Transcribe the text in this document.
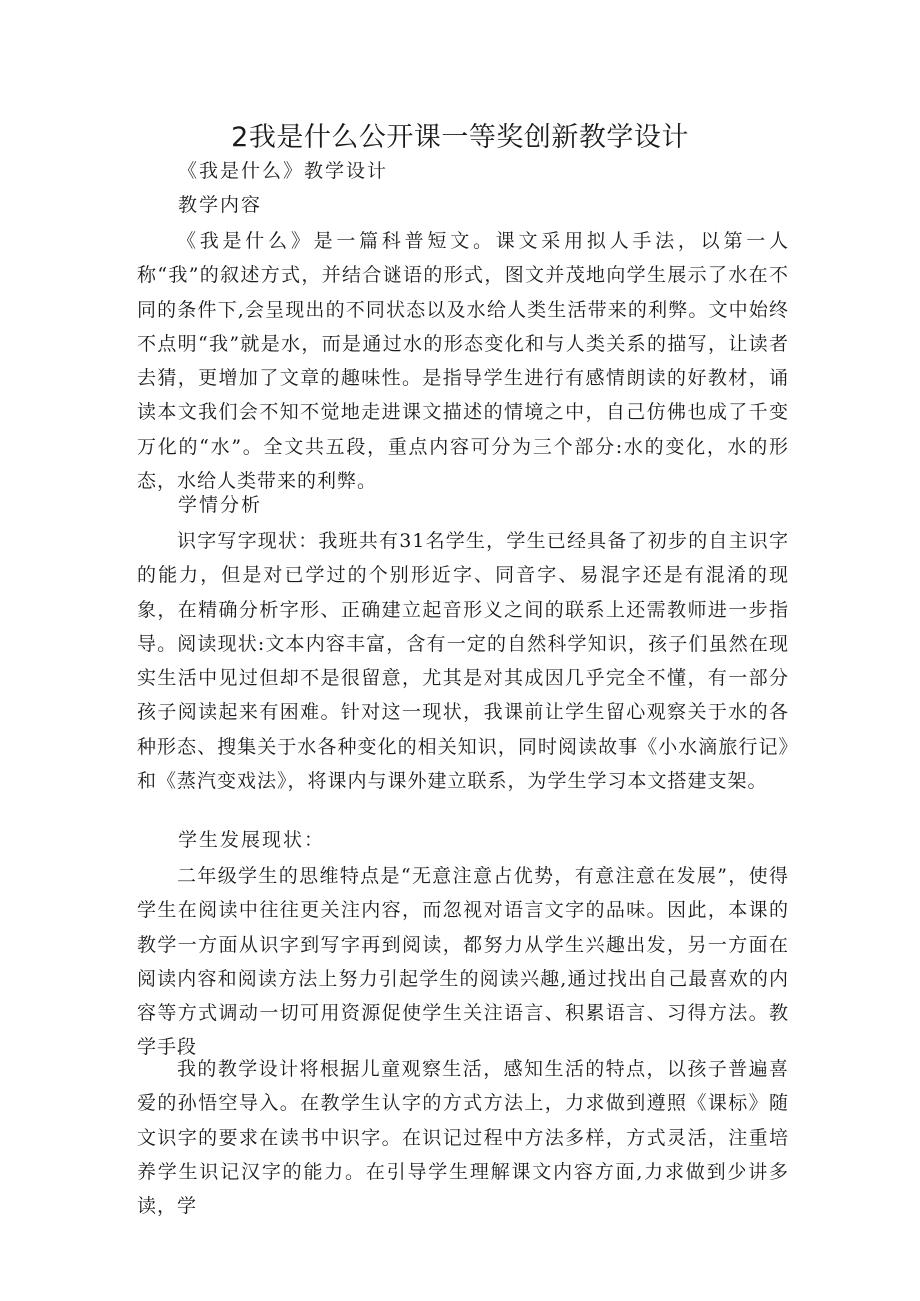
2我是什么公开课一等奖创新教学设计

《我是什么》教学设计

教学内容

《我是什么》是一篇科普短文。课文采用拟人手法，以第一人称“我”的叙述方式，并结合谜语的形式，图文并茂地向学生展示了水在不同的条件下,会呈现出的不同状态以及水给人类生活带来的利弊。文中始终不点明“我”就是水，而是通过水的形态变化和与人类关系的描写，让读者去猜，更增加了文章的趣味性。是指导学生进行有感情朗读的好教材，诵读本文我们会不知不觉地走进课文描述的情境之中，自己仿佛也成了千变万化的“水”。全文共五段，重点内容可分为三个部分:水的变化，水的形态，水给人类带来的利弊。

学情分析

识字写字现状：我班共有31名学生，学生已经具备了初步的自主识字的能力，但是对已学过的个别形近字、同音字、易混字还是有混淆的现象，在精确分析字形、正确建立起音形义之间的联系上还需教师进一步指导。阅读现状:文本内容丰富，含有一定的自然科学知识，孩子们虽然在现实生活中见过但却不是很留意，尤其是对其成因几乎完全不懂，有一部分孩子阅读起来有困难。针对这一现状，我课前让学生留心观察关于水的各种形态、搜集关于水各种变化的相关知识，同时阅读故事《小水滴旅行记》和《蒸汽变戏法》，将课内与课外建立联系，为学生学习本文搭建支架。

学生发展现状：

二年级学生的思维特点是“无意注意占优势，有意注意在发展”，使得学生在阅读中往往更关注内容，而忽视对语言文字的品味。因此，本课的教学一方面从识字到写字再到阅读，都努力从学生兴趣出发，另一方面在阅读内容和阅读方法上努力引起学生的阅读兴趣,通过找出自己最喜欢的内容等方式调动一切可用资源促使学生关注语言、积累语言、习得方法。教学手段

我的教学设计将根据儿童观察生活，感知生活的特点，以孩子普遍喜爱的孙悟空导入。在教学生认字的方式方法上，力求做到遵照《课标》随文识字的要求在读书中识字。在识记过程中方法多样，方式灵活，注重培养学生识记汉字的能力。在引导学生理解课文内容方面,力求做到少讲多读，学
